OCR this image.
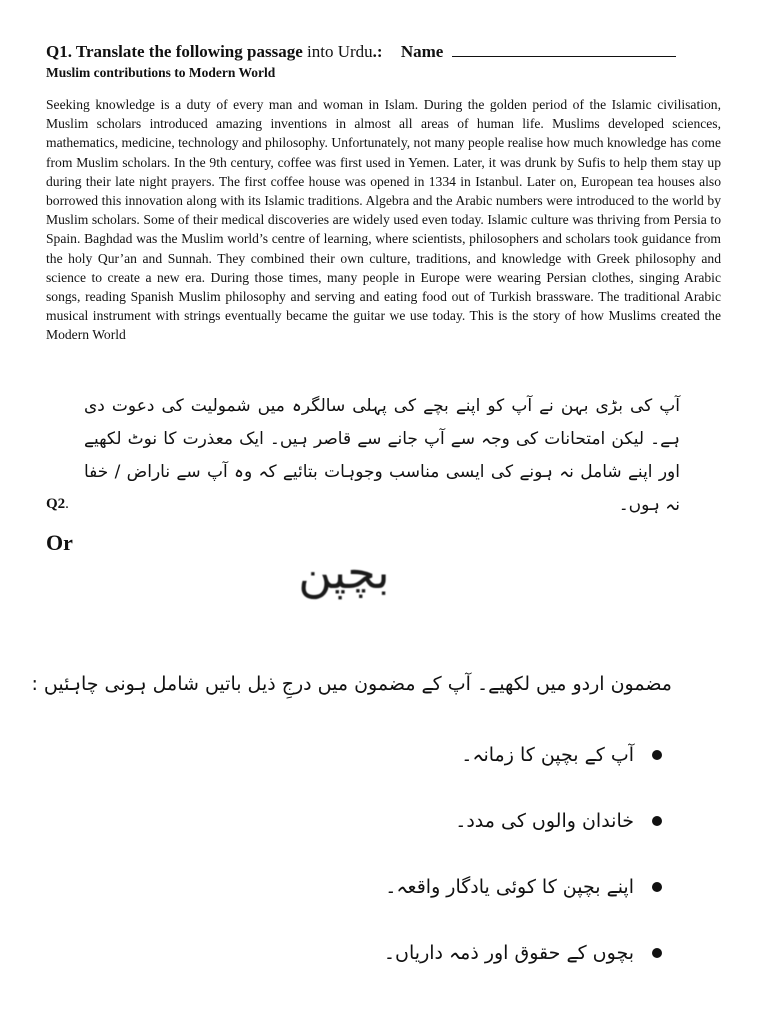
Q1. Translate the following passage into Urdu.: Name
Muslim contributions to Modern World
Seeking knowledge is a duty of every man and woman in Islam. During the golden period of the Islamic civilisation, Muslim scholars introduced amazing inventions in almost all areas of human life. Muslims developed sciences, mathematics, medicine, technology and philosophy. Unfortunately, not many people realise how much knowledge has come from Muslim scholars. In the 9th century, coffee was first used in Yemen. Later, it was drunk by Sufis to help them stay up during their late night prayers. The first coffee house was opened in 1334 in Istanbul. Later on, European tea houses also borrowed this innovation along with its Islamic traditions. Algebra and the Arabic numbers were introduced to the world by Muslim scholars. Some of their medical discoveries are widely used even today. Islamic culture was thriving from Persia to Spain. Baghdad was the Muslim world’s centre of learning, where scientists, philosophers and scholars took guidance from the holy Qur’an and Sunnah. They combined their own culture, traditions, and knowledge with Greek philosophy and science to create a new era. During those times, many people in Europe were wearing Persian clothes, singing Arabic songs, reading Spanish Muslim philosophy and serving and eating food out of Turkish brassware. The traditional Arabic musical instrument with strings eventually became the guitar we use today. This is the story of how Muslims created the Modern World
آپ کی بڑی بہن نے آپ کو اپنے بچے کی پہلی سالگرہ میں شمولیت کی دعوت دی ہے۔ لیکن امتحانات کی وجہ سے آپ جانے سے قاصر ہیں۔ ایک معذرت کا نوٹ لکھیے اور اپنے شامل نہ ہونے کی ایسی مناسب وجوہات بتائیے کہ وہ آپ سے ناراض / خفا نہ ہوں۔
Q2.
Or
بچپن
مضمون اردو میں لکھیے۔ آپ کے مضمون میں درجِ ذیل باتیں شامل ہونی چاہئیں :
آپ کے بچپن کا زمانہ۔
خاندان والوں کی مدد۔
اپنے بچپن کا کوئی یادگار واقعہ۔
بچوں کے حقوق اور ذمہ داریاں۔
